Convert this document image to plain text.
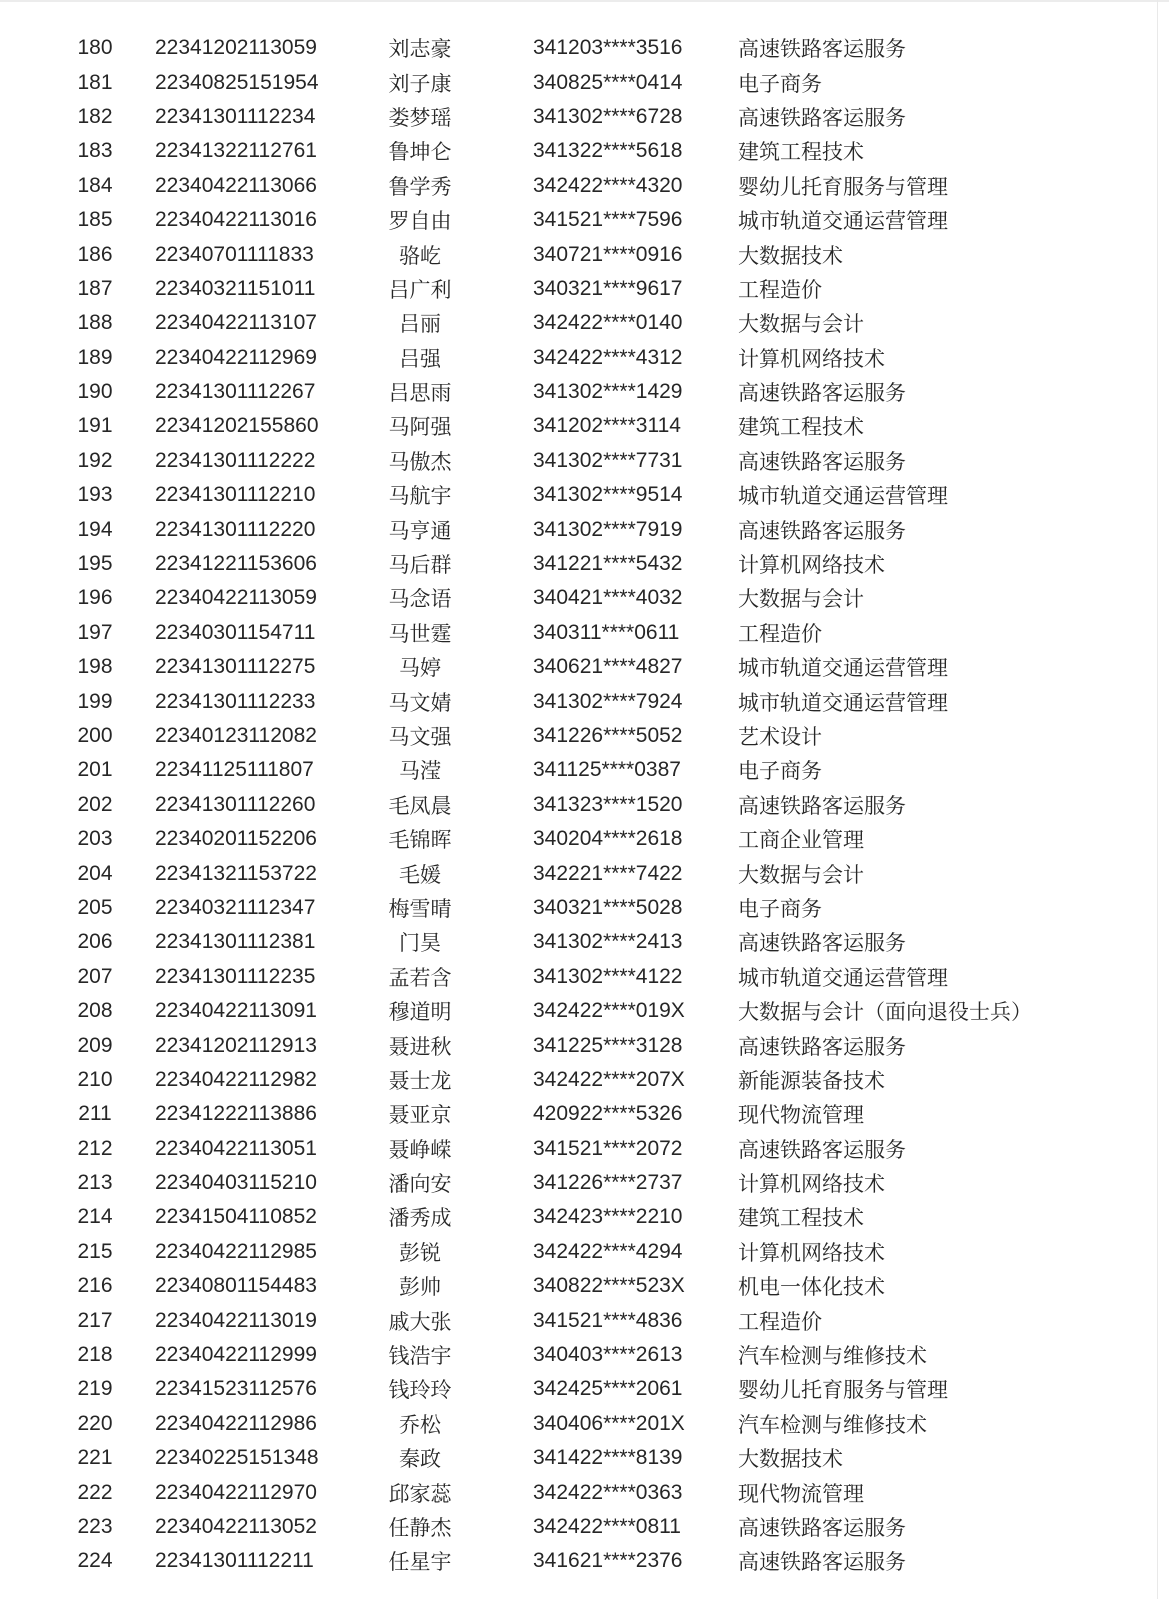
180 22341202113059	刘志豪	341203****3516	高速铁路客运服务
181 22340825151954	刘子康	340825****0414	电子商务
182 22341301112234	娄梦瑶	341302****6728	高速铁路客运服务
183 22341322112761	鲁坤仑	341322****5618	建筑工程技术
184 22340422113066	鲁学秀	342422****4320	婴幼儿托育服务与管理
185 22340422113016	罗自由	341521****7596	城市轨道交通运营管理
186 22340701111833	骆屹	340721****0916	大数据技术
187 22340321151011	吕广利	340321****9617	工程造价
188 22340422113107	吕丽	342422****0140	大数据与会计
189 22340422112969	吕强	342422****4312	计算机网络技术
190 22341301112267	吕思雨	341302****1429	高速铁路客运服务
191 22341202155860	马阿强	341202****3114	建筑工程技术
192 22341301112222	马傲杰	341302****7731	高速铁路客运服务
193 22341301112210	马航宇	341302****9514	城市轨道交通运营管理
194 22341301112220	马亨通	341302****7919	高速铁路客运服务
195 22341221153606	马后群	341221****5432	计算机网络技术
196 22340422113059	马念语	340421****4032	大数据与会计
197 22340301154711	马世霆	340311****0611	工程造价
198 22341301112275	马婷	340621****4827	城市轨道交通运营管理
199 22341301112233	马文婧	341302****7924	城市轨道交通运营管理
200 22340123112082	马文强	341226****5052	艺术设计
201 22341125111807	马滢	341125****0387	电子商务
202 22341301112260	毛凤晨	341323****1520	高速铁路客运服务
203 22340201152206	毛锦晖	340204****2618	工商企业管理
204 22341321153722	毛媛	342221****7422	大数据与会计
205 22340321112347	梅雪晴	340321****5028	电子商务
206 22341301112381	门昊	341302****2413	高速铁路客运服务
207 22341301112235	孟若含	341302****4122	城市轨道交通运营管理
208 22340422113091	穆道明	342422****019X	大数据与会计（面向退役士兵）
209 22341202112913	聂进秋	341225****3128	高速铁路客运服务
210 22340422112982	聂士龙	342422****207X	新能源装备技术
211 22341222113886	聂亚京	420922****5326	现代物流管理
212 22340422113051	聂峥嵘	341521****2072	高速铁路客运服务
213 22340403115210	潘向安	341226****2737	计算机网络技术
214 22341504110852	潘秀成	342423****2210	建筑工程技术
215 22340422112985	彭锐	342422****4294	计算机网络技术
216 22340801154483	彭帅	340822****523X	机电一体化技术
217 22340422113019	戚大张	341521****4836	工程造价
218 22340422112999	钱浩宇	340403****2613	汽车检测与维修技术
219 22341523112576	钱玲玲	342425****2061	婴幼儿托育服务与管理
220 22340422112986	乔松	340406****201X	汽车检测与维修技术
221 22340225151348	秦政	341422****8139	大数据技术
222 22340422112970	邱家蕊	342422****0363	现代物流管理
223 22340422113052	任静杰	342422****0811	高速铁路客运服务
224 22341301112211	任星宇	341621****2376	高速铁路客运服务
